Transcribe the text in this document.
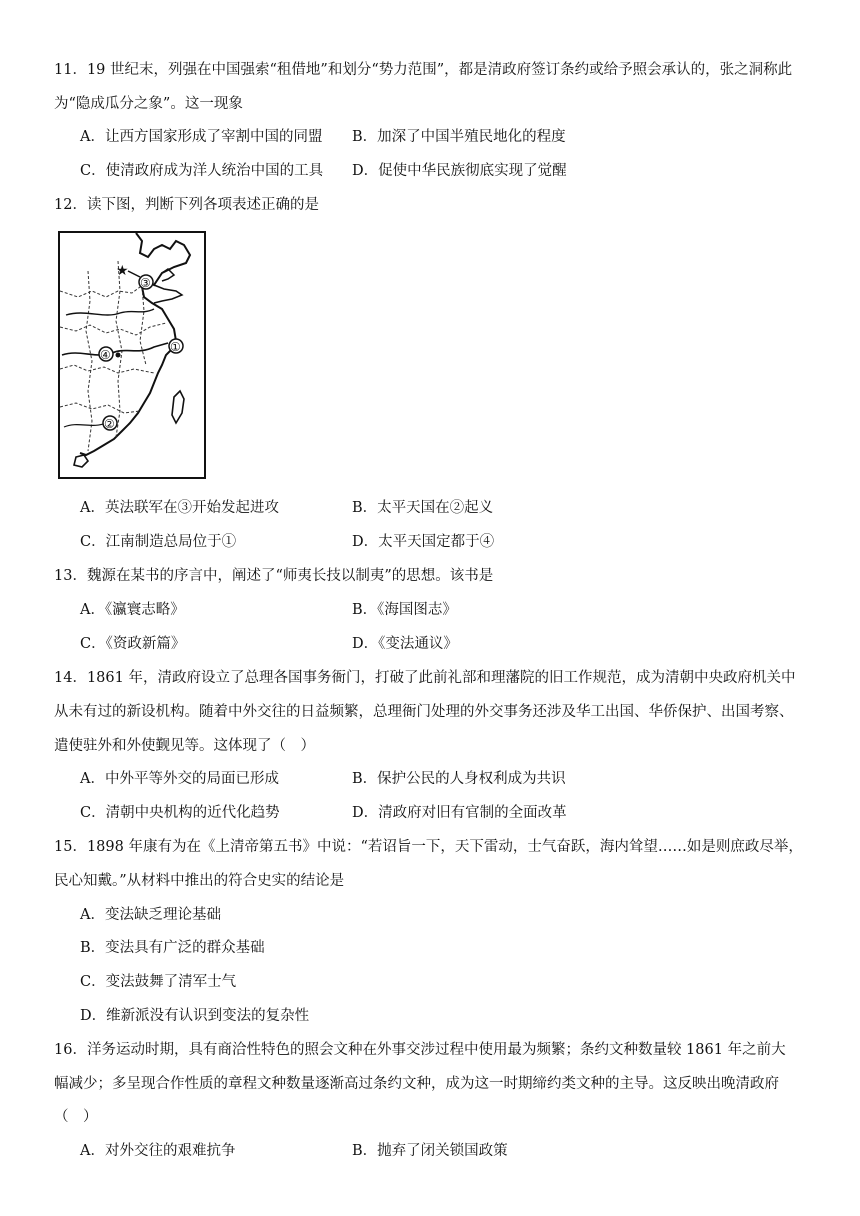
11．19 世纪末，列强在中国强索“租借地”和划分“势力范围”，都是清政府签订条约或给予照会承认的，张之洞称此
为“隐成瓜分之象”。这一现象
A．让西方国家形成了宰割中国的同盟 B．加深了中国半殖民地化的程度
C．使清政府成为洋人统治中国的工具 D．促使中华民族彻底实现了觉醒
12．读下图，判断下列各项表述正确的是
★
③
①
④
②
A．英法联军在③开始发起进攻	B．太平天国在②起义
C．江南制造总局位于①	D．太平天国定都于④
13．魏源在某书的序言中，阐述了“师夷长技以制夷”的思想。该书是
A．《瀛寰志略》	B．《海国图志》
C．《资政新篇》	D．《变法通议》
14．1861 年，清政府设立了总理各国事务衙门，打破了此前礼部和理藩院的旧工作规范，成为清朝中央政府机关中
从未有过的新设机构。随着中外交往的日益频繁，总理衙门处理的外交事务还涉及华工出国、华侨保护、出国考察、
遣使驻外和外使觐见等。这体现了（　）
A．中外平等外交的局面已形成	B．保护公民的人身权利成为共识
C．清朝中央机构的近代化趋势	D．清政府对旧有官制的全面改革
15．1898 年康有为在《上清帝第五书》中说：“若诏旨一下，天下雷动，士气奋跃，海内耸望……如是则庶政尽举，
民心知戴。”从材料中推出的符合史实的结论是
A．变法缺乏理论基础
B．变法具有广泛的群众基础
C．变法鼓舞了清军士气
D．维新派没有认识到变法的复杂性
16．洋务运动时期，具有商洽性特色的照会文种在外事交涉过程中使用最为频繁；条约文种数量较 1861 年之前大
幅减少；多呈现合作性质的章程文种数量逐渐高过条约文种，成为这一时期缔约类文种的主导。这反映出晚清政府
（　）
A．对外交往的艰难抗争	B．抛弃了闭关锁国政策
